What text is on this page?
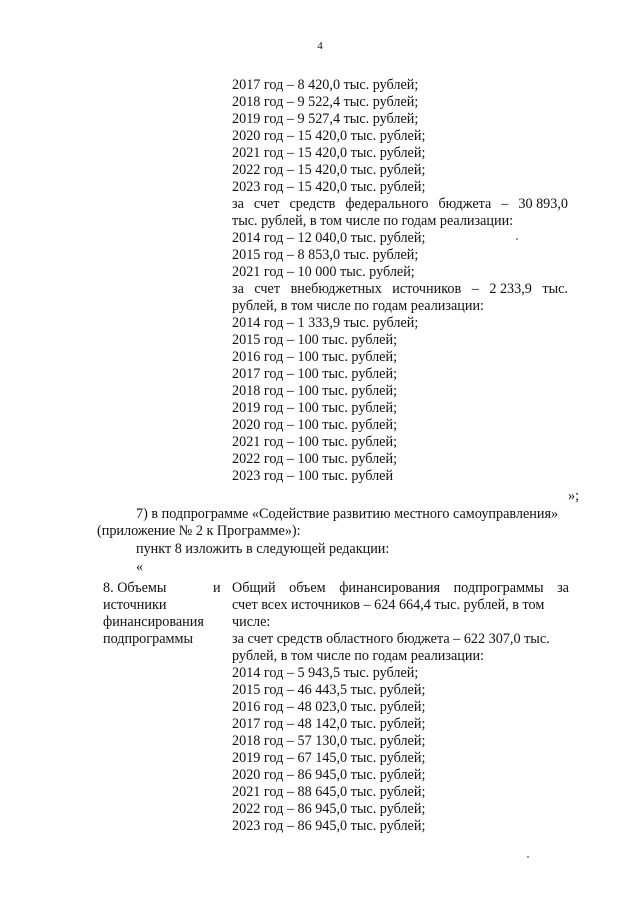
4
2017 год – 8 420,0 тыс. рублей;
2018 год – 9 522,4 тыс. рублей;
2019 год – 9 527,4 тыс. рублей;
2020 год – 15 420,0 тыс. рублей;
2021 год – 15 420,0 тыс. рублей;
2022 год – 15 420,0 тыс. рублей;
2023 год – 15 420,0 тыс. рублей;
за счет средств федерального бюджета – 30 893,0
тыс. рублей, в том числе по годам реализации:
2014 год – 12 040,0 тыс. рублей;
2015 год – 8 853,0 тыс. рублей;
2021 год – 10 000 тыс. рублей;
за счет внебюджетных источников – 2 233,9 тыс.
рублей, в том числе по годам реализации:
2014 год – 1 333,9 тыс. рублей;
2015 год – 100 тыс. рублей;
2016 год – 100 тыс. рублей;
2017 год – 100 тыс. рублей;
2018 год – 100 тыс. рублей;
2019 год – 100 тыс. рублей;
2020 год – 100 тыс. рублей;
2021 год – 100 тыс. рублей;
2022 год – 100 тыс. рублей;
2023 год – 100 тыс. рублей
»;
7) в подпрограмме «Содействие развитию местного самоуправления»
(приложение № 2 к Программе»):
пункт 8 изложить в следующей редакции:
«
8. Объемы	и
источники
финансирования
подпрограммы
Общий объем финансирования подпрограммы за
счет всех источников – 624 664,4 тыс. рублей, в том
числе:
за счет средств областного бюджета – 622 307,0 тыс.
рублей, в том числе по годам реализации:
2014 год – 5 943,5 тыс. рублей;
2015 год – 46 443,5 тыс. рублей;
2016 год – 48 023,0 тыс. рублей;
2017 год – 48 142,0 тыс. рублей;
2018 год – 57 130,0 тыс. рублей;
2019 год – 67 145,0 тыс. рублей;
2020 год – 86 945,0 тыс. рублей;
2021 год – 88 645,0 тыс. рублей;
2022 год – 86 945,0 тыс. рублей;
2023 год – 86 945,0 тыс. рублей;
